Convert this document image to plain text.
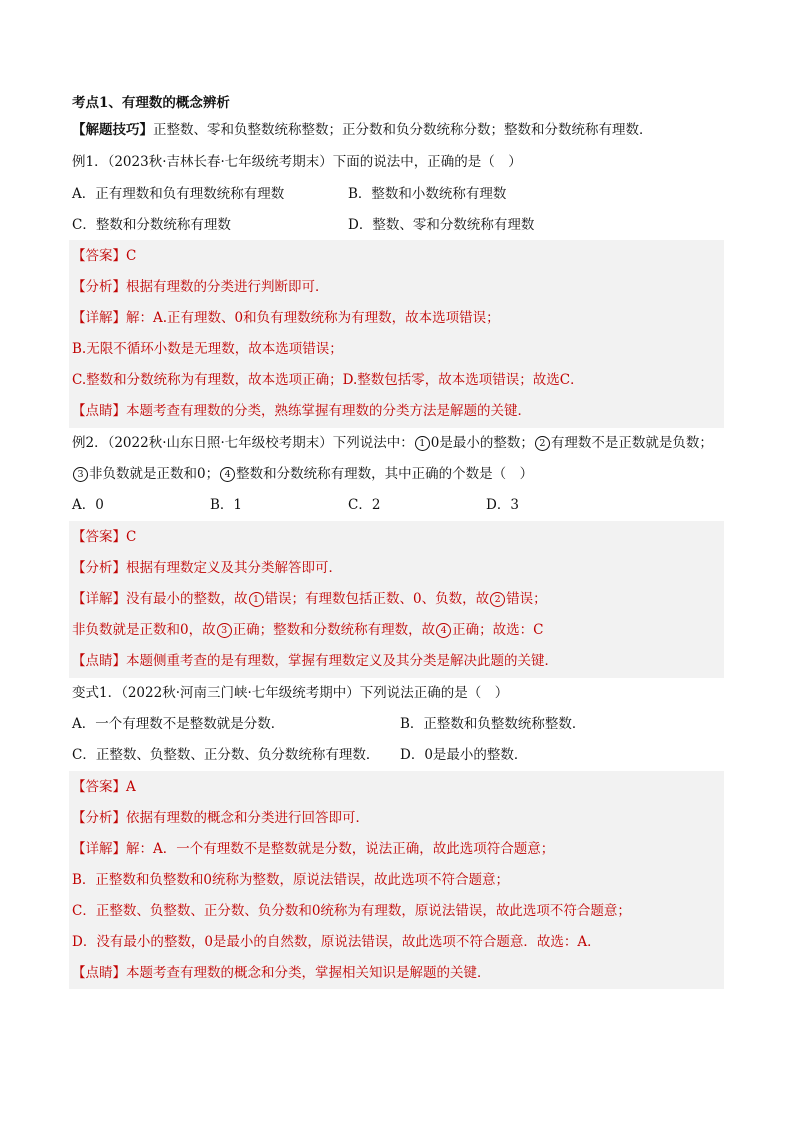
考点1、有理数的概念辨析
【解题技巧】正整数、零和负整数统称整数；正分数和负分数统称分数；整数和分数统称有理数．
例1．（2023秋·吉林长春·七年级统考期末）下面的说法中，正确的是（　）
A．正有理数和负有理数统称有理数	B．整数和小数统称有理数
C．整数和分数统称有理数	D．整数、零和分数统称有理数
【答案】C
【分析】根据有理数的分类进行判断即可．
【详解】解：A.正有理数、0和负有理数统称为有理数，故本选项错误；
B.无限不循环小数是无理数，故本选项错误；
C.整数和分数统称为有理数，故本选项正确；D.整数包括零，故本选项错误；故选C．
【点睛】本题考查有理数的分类，熟练掌握有理数的分类方法是解题的关键．
例2．（2022秋·山东日照·七年级校考期末）下列说法中： 1 0是最小的整数； 2 有理数不是正数就是负数；
3 非负数就是正数和0； 4 整数和分数统称有理数，其中正确的个数是（　）
A．0	B．1	C．2	D．3
【答案】C
【分析】根据有理数定义及其分类解答即可．
【详解】没有最小的整数，故 1 错误；有理数包括正数、0、负数，故 2 错误；
非负数就是正数和0，故 3 正确；整数和分数统称有理数，故 4 正确；故选：C
【点睛】本题侧重考查的是有理数，掌握有理数定义及其分类是解决此题的关键．
变式1．（2022秋·河南三门峡·七年级统考期中）下列说法正确的是（　）
A．一个有理数不是整数就是分数．	B．正整数和负整数统称整数．
C．正整数、负整数、正分数、负分数统称有理数． D．0是最小的整数．
【答案】A
【分析】依据有理数的概念和分类进行回答即可．
【详解】解：A．一个有理数不是整数就是分数，说法正确，故此选项符合题意；
B．正整数和负整数和0统称为整数，原说法错误，故此选项不符合题意；
C．正整数、负整数、正分数、负分数和0统称为有理数，原说法错误，故此选项不符合题意；
D．没有最小的整数，0是最小的自然数，原说法错误，故此选项不符合题意．故选：A．
【点睛】本题考查有理数的概念和分类，掌握相关知识是解题的关键．
